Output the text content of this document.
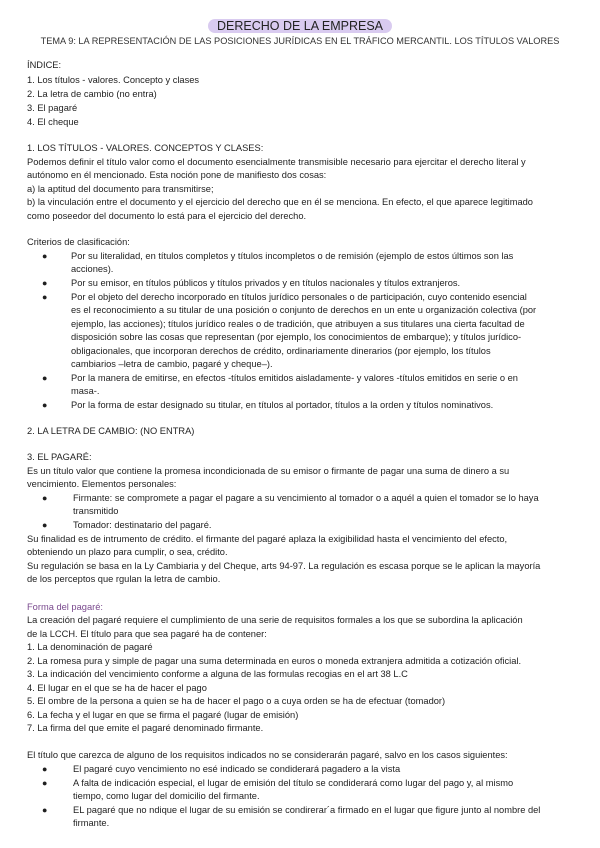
DERECHO DE LA EMPRESA
TEMA 9: LA REPRESENTACIÓN DE LAS POSICIONES JURÍDICAS EN EL TRÁFICO MERCANTIL. LOS TÍTULOS VALORES
ÍNDICE:
1. Los títulos - valores. Concepto y clases
2. La letra de cambio (no entra)
3. El pagaré
4. El cheque
1. LOS TÍTULOS - VALORES. CONCEPTOS Y CLASES:
Podemos definir el título valor como el documento esencialmente transmisible necesario para ejercitar el derecho literal y
autónomo en él mencionado. Esta noción pone de manifiesto dos cosas:
a) la aptitud del documento para transmitirse;
b) la vinculación entre el documento y el ejercicio del derecho que en él se menciona. En efecto, el que aparece legitimado
como poseedor del documento lo está para el ejercicio del derecho.
Criterios de clasificación:
●	Por su literalidad, en títulos completos y títulos incompletos o de remisión (ejemplo de estos últimos son las
acciones).
●	Por su emisor, en títulos públicos y títulos privados y en títulos nacionales y títulos extranjeros.
●	Por el objeto del derecho incorporado en títulos jurídico personales o de participación, cuyo contenido esencial
es el reconocimiento a su titular de una posición o conjunto de derechos en un ente u organización colectiva (por
ejemplo, las acciones); títulos jurídico reales o de tradición, que atribuyen a sus titulares una cierta facultad de
disposición sobre las cosas que representan (por ejemplo, los conocimientos de embarque); y títulos jurídico-
obligacionales, que incorporan derechos de crédito, ordinariamente dinerarios (por ejemplo, los títulos
cambiarios –letra de cambio, pagaré y cheque–).
●	Por la manera de emitirse, en efectos -títulos emitidos aisladamente- y valores -títulos emitidos en serie o en
masa-.
●	Por la forma de estar designado su titular, en títulos al portador, títulos a la orden y títulos nominativos.
2. LA LETRA DE CAMBIO: (NO ENTRA)
3. EL PAGARÉ:
Es un título valor que contiene la promesa incondicionada de su emisor o firmante de pagar una suma de dinero a su
vencimiento. Elementos personales:
●	Firmante: se compromete a pagar el pagare a su vencimiento al tomador o a aquél a quien el tomador se lo haya
transmitido
●	Tomador: destinatario del pagaré.
Su finalidad es de intrumento de crédito. el firmante del pagaré aplaza la exigibilidad hasta el vencimiento del efecto,
obteniendo un plazo para cumplir, o sea, crédito.
Su regulación se basa en la Ly Cambiaria y del Cheque, arts 94-97. La regulación es escasa porque se le aplican la mayoría
de los perceptos que rgulan la letra de cambio.
Forma del pagaré:
La creación del pagaré requiere el cumplimiento de una serie de requisitos formales a los que se subordina la aplicación
de la LCCH. El título para que sea pagaré ha de contener:
1. La denominación de pagaré
2. La romesa pura y simple de pagar una suma determinada en euros o moneda extranjera admitida a cotización oficial.
3. La indicación del vencimiento conforme a alguna de las formulas recogias en el art 38 L.C
4. El lugar en el que se ha de hacer el pago
5. El ombre de la persona a quien se ha de hacer el pago o a cuya orden se ha de efectuar (tomador)
6. La fecha y el lugar en que se firma el pagaré (lugar de emisión)
7. La firma del que emite el pagaré denominado firmante.
El título que carezca de alguno de los requisitos indicados no se considerarán pagaré, salvo en los casos siguientes:
●	El pagaré cuyo vencimiento no esé indicado se condiderará pagadero a la vista
●	A falta de indicación especial, el lugar de emisión del título se condiderará como lugar del pago y, al mismo
tiempo, como lugar del domicilio del firmante.
●	EL pagaré que no ndique el lugar de su emisión se condirerar´a firmado en el lugar que figure junto al nombre del
firmante.
